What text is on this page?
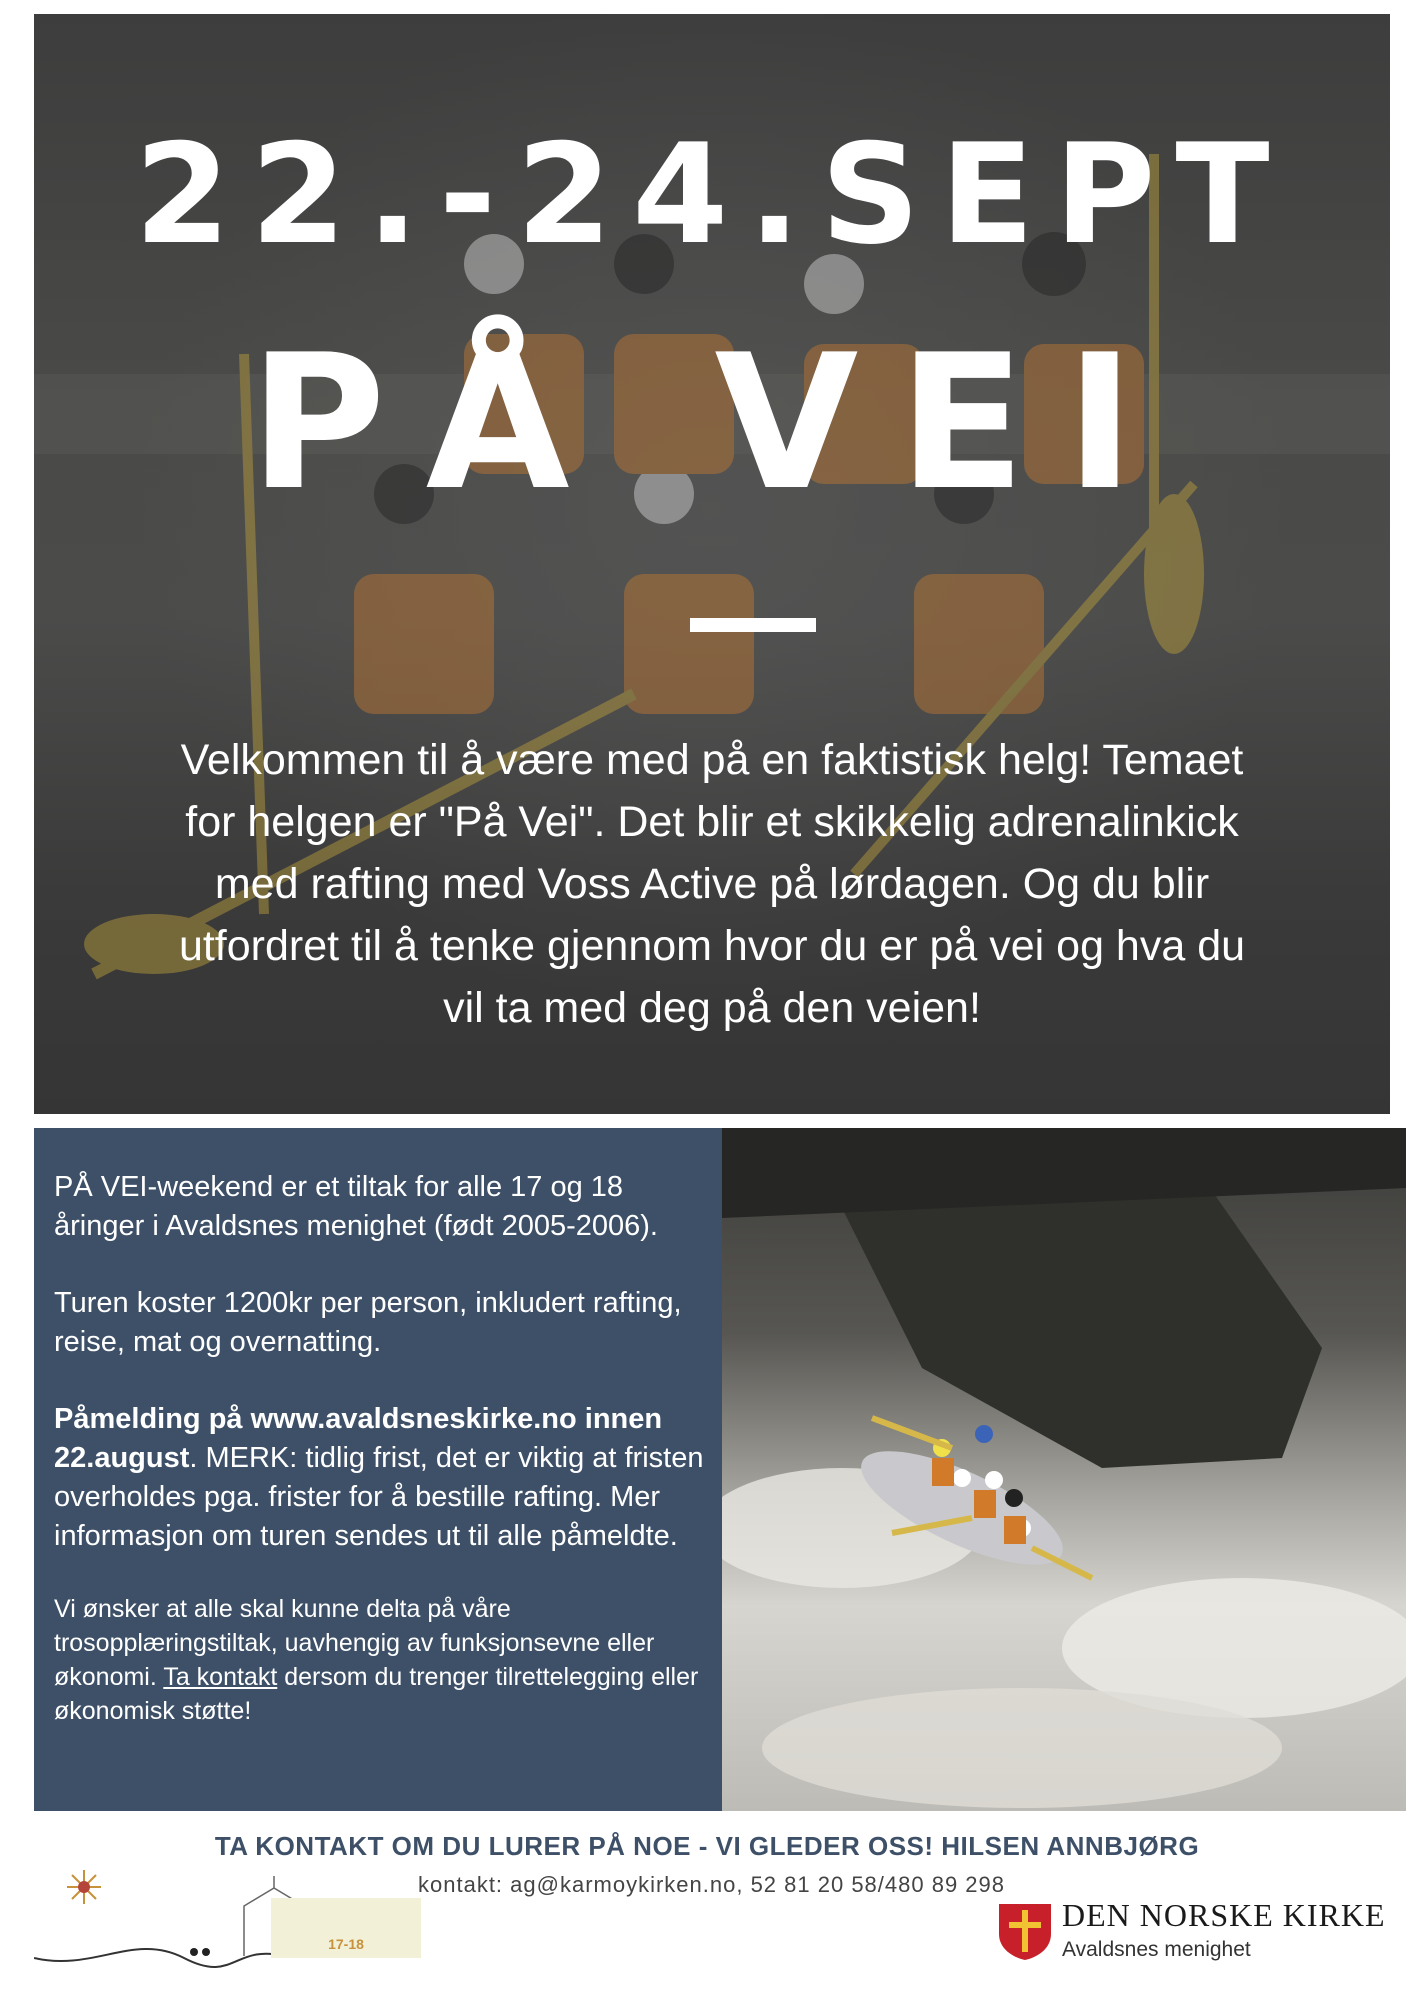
22.-24.SEPT
PÅ VEI
Velkommen til å være med på en faktistisk helg! Temaet for helgen er "På Vei". Det blir et skikkelig adrenalinkick med rafting med Voss Active på lørdagen. Og du blir utfordret til å tenke gjennom hvor du er på vei og hva du vil ta med deg på den veien!

PÅ VEI-weekend er et tiltak for alle 17 og 18 åringer i Avaldsnes menighet (født 2005-2006).

Turen koster 1200kr per person, inkludert rafting, reise, mat og overnatting.

Påmelding på www.avaldsneskirke.no innen 22.august. MERK: tidlig frist, det er viktig at fristen overholdes pga. frister for å bestille rafting. Mer informasjon om turen sendes ut til alle påmeldte.

Vi ønsker at alle skal kunne delta på våre trosopplæringstiltak, uavhengig av funksjonsevne eller økonomi. Ta kontakt dersom du trenger tilrettelegging eller økonomisk støtte!

TA KONTAKT OM DU LURER PÅ NOE - VI GLEDER OSS! HILSEN ANNBJØRG
kontakt: ag@karmoykirken.no, 52 81 20 58/480 89 298
17-18
DEN NORSKE KIRKE
Avaldsnes menighet
